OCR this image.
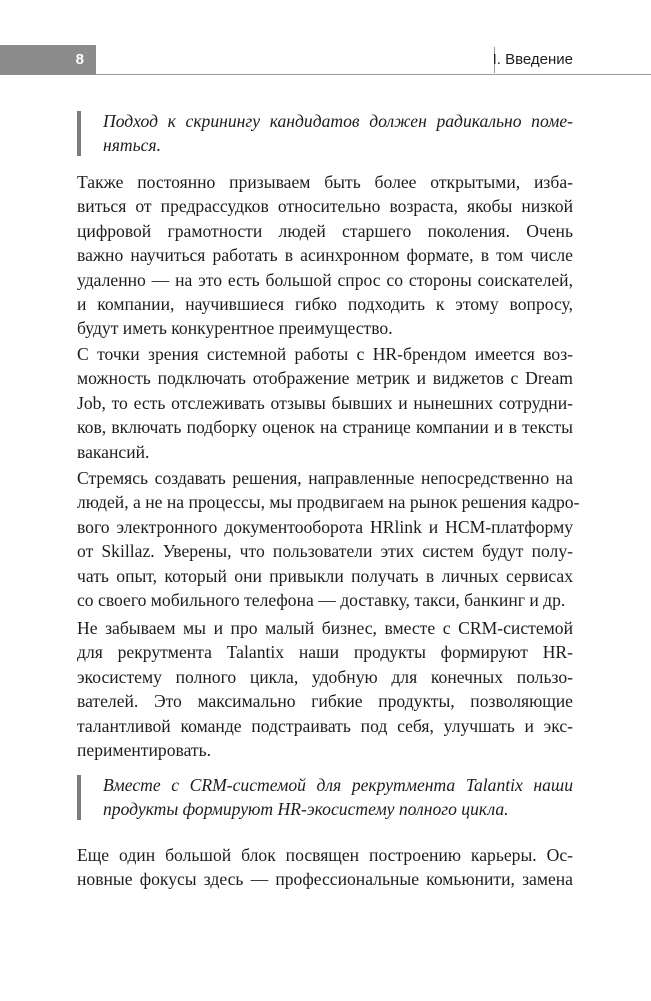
8	I. Введение
Подход к скринингу кандидатов должен радикально поме-
няться.
Также постоянно призываем быть более открытыми, изба-
виться от предрассудков относительно возраста, якобы низкой
цифровой грамотности людей старшего поколения. Очень
важно научиться работать в асинхронном формате, в том числе
удаленно — на это есть большой спрос со стороны соискателей,
и компании, научившиеся гибко подходить к этому вопросу,
будут иметь конкурентное преимущество.
С точки зрения системной работы с HR-брендом имеется воз-
можность подключать отображение метрик и виджетов с Dream
Job, то есть отслеживать отзывы бывших и нынешних сотрудни-
ков, включать подборку оценок на странице компании и в тексты
вакансий.
Стремясь создавать решения, направленные непосредственно на
людей, а не на процессы, мы продвигаем на рынок решения кадро-
вого электронного документооборота HRlink и HCM-платформу
от Skillaz. Уверены, что пользователи этих систем будут полу-
чать опыт, который они привыкли получать в личных сервисах
со своего мобильного телефона — доставку, такси, банкинг и др.
Не забываем мы и про малый бизнес, вместе с CRM-системой
для рекрутмента Talantix наши продукты формируют HR-
экосистему полного цикла, удобную для конечных пользо-
вателей. Это максимально гибкие продукты, позволяющие
талантливой команде подстраивать под себя, улучшать и экс-
периментировать.
Вместе с CRM-системой для рекрутмента Talantix наши
продукты формируют HR-экосистему полного цикла.
Еще один большой блок посвящен построению карьеры. Ос-
новные фокусы здесь — профессиональные комьюнити, замена
